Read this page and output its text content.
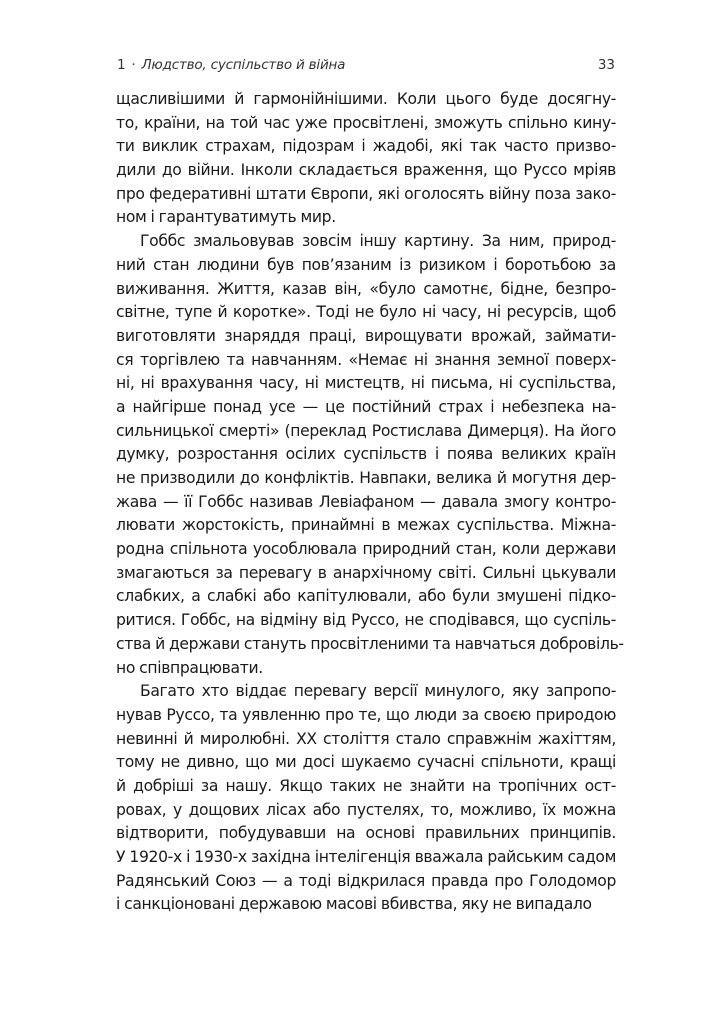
1 · Людство, суспільство й війна	33
щасливішими й гармонійнішими. Коли цього буде досягну-
то, країни, на той час уже просвітлені, зможуть спільно кину-
ти виклик страхам, підозрам і жадобі, які так часто призво-
дили до війни. Інколи складається враження, що Руссо мріяв
про федеративні штати Європи, які оголосять війну поза зако-
ном і гарантуватимуть мир.
Гоббс змальовував зовсім іншу картину. За ним, природ-
ний стан людини був пов’язаним із ризиком і боротьбою за
виживання. Життя, казав він, «було самотнє, бідне, безпро-
світне, тупе й коротке». Тоді не було ні часу, ні ресурсів, щоб
виготовляти знаряддя праці, вирощувати врожай, займати-
ся торгівлею та навчанням. «Немає ні знання земної поверх-
ні, ні врахування часу, ні мистецтв, ні письма, ні суспільства,
а найгірше понад усе — це постійний страх і небезпека на-
сильницької смерті» (переклад Ростислава Димерця). На його
думку, розростання осілих суспільств і поява великих країн
не призводили до конфліктів. Навпаки, велика й могутня дер-
жава — її Гоббс називав Левіафаном — давала змогу контро-
лювати жорстокість, принаймні в межах суспільства. Міжна-
родна спільнота уособлювала природний стан, коли держави
змагаються за перевагу в анархічному світі. Сильні цькували
слабких, а слабкі або капітулювали, або були змушені підко-
ритися. Гоббс, на відміну від Руссо, не сподівався, що суспіль-
ства й держави стануть просвітленими та навчаться добровіль-
но співпрацювати.
Багато хто віддає перевагу версії минулого, яку запропо-
нував Руссо, та уявленню про те, що люди за своєю природою
невинні й миролюбні. XX століття стало справжнім жахіттям,
тому не дивно, що ми досі шукаємо сучасні спільноти, кращі
й добріші за нашу. Якщо таких не знайти на тропічних ост-
ровах, у дощових лісах або пустелях, то, можливо, їх можна
відтворити, побудувавши на основі правильних принципів.
У 1920-х і 1930-х західна інтелігенція вважала райським садом
Радянський Союз — а тоді відкрилася правда про Голодомор
і санкціоновані державою масові вбивства, яку не випадало
